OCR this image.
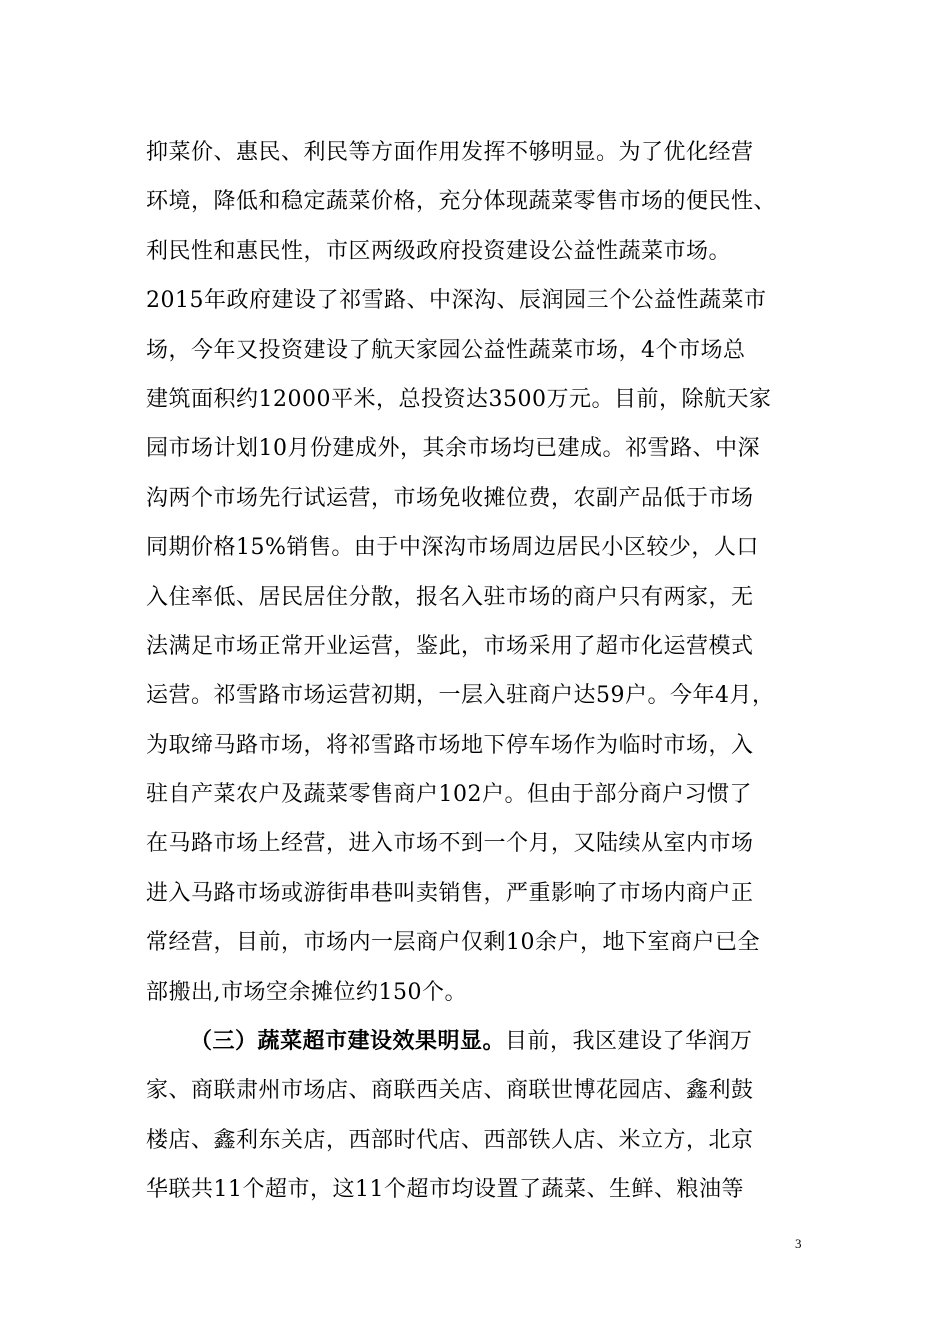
抑菜价、惠民、利民等方面作用发挥不够明显。为了优化经营
环境，降低和稳定蔬菜价格，充分体现蔬菜零售市场的便民性、
利民性和惠民性，市区两级政府投资建设公益性蔬菜市场。
2015年政府建设了祁雪路、中深沟、辰润园三个公益性蔬菜市
场，今年又投资建设了航天家园公益性蔬菜市场，4个市场总
建筑面积约12000平米，总投资达3500万元。目前，除航天家
园市场计划10月份建成外，其余市场均已建成。祁雪路、中深
沟两个市场先行试运营，市场免收摊位费，农副产品低于市场
同期价格15%销售。由于中深沟市场周边居民小区较少，人口
入住率低、居民居住分散，报名入驻市场的商户只有两家，无
法满足市场正常开业运营，鉴此，市场采用了超市化运营模式
运营。祁雪路市场运营初期，一层入驻商户达59户。今年4月，
为取缔马路市场，将祁雪路市场地下停车场作为临时市场，入
驻自产菜农户及蔬菜零售商户102户。但由于部分商户习惯了
在马路市场上经营，进入市场不到一个月，又陆续从室内市场
进入马路市场或游街串巷叫卖销售，严重影响了市场内商户正
常经营，目前，市场内一层商户仅剩10余户，地下室商户已全
部搬出,市场空余摊位约150个。
（三）蔬菜超市建设效果明显。目前，我区建设了华润万
家、商联肃州市场店、商联西关店、商联世博花园店、鑫利鼓
楼店、鑫利东关店，西部时代店、西部铁人店、米立方，北京
华联共11个超市，这11个超市均设置了蔬菜、生鲜、粮油等
3
